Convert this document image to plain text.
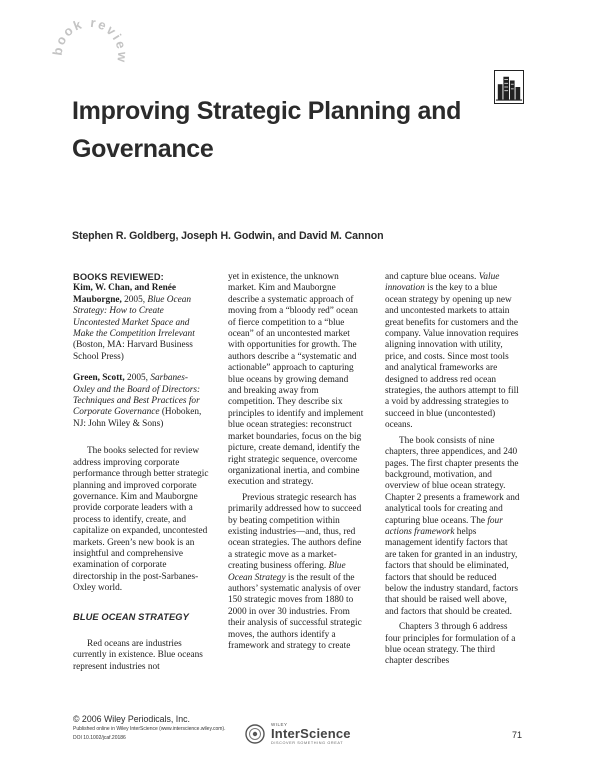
book review
Improving Strategic Planning and Governance

Stephen R. Goldberg, Joseph H. Godwin, and David M. Cannon

BOOKS REVIEWED:

Kim, W. Chan, and Renée Mauborgne, 2005, Blue Ocean Strategy: How to Create Uncontested Market Space and Make the Competition Irrelevant (Boston, MA: Harvard Business School Press)

Green, Scott, 2005, Sarbanes-Oxley and the Board of Directors: Techniques and Best Practices for Corporate Governance (Hoboken, NJ: John Wiley & Sons)

The books selected for review address improving corporate performance through better strategic planning and improved corporate governance. Kim and Mauborgne provide corporate leaders with a process to identify, create, and capitalize on expanded, uncontested markets. Green’s new book is an insightful and comprehensive examination of corporate directorship in the post-Sarbanes-Oxley world.

BLUE OCEAN STRATEGY

Red oceans are industries currently in existence. Blue oceans represent industries not

yet in existence, the unknown market. Kim and Mauborgne describe a systematic approach of moving from a “bloody red” ocean of fierce competition to a “blue ocean” of an uncontested market with opportunities for growth. The authors describe a “systematic and actionable” approach to capturing blue oceans by growing demand and breaking away from competition. They describe six principles to identify and implement blue ocean strategies: reconstruct market boundaries, focus on the big picture, create demand, identify the right strategic sequence, overcome organizational inertia, and combine execution and strategy.

Previous strategic research has primarily addressed how to succeed by beating competition within existing industries—and, thus, red ocean strategies. The authors define a strategic move as a market-creating business offering. Blue Ocean Strategy is the result of the authors’ systematic analysis of over 150 strategic moves from 1880 to 2000 in over 30 industries. From their analysis of successful strategic moves, the authors identify a framework and strategy to create

and capture blue oceans. Value innovation is the key to a blue ocean strategy by opening up new and uncontested markets to attain great benefits for customers and the company. Value innovation requires aligning innovation with utility, price, and costs. Since most tools and analytical frameworks are designed to address red ocean strategies, the authors attempt to fill a void by addressing strategies to succeed in blue (uncontested) oceans.

The book consists of nine chapters, three appendices, and 240 pages. The first chapter presents the background, motivation, and overview of blue ocean strategy. Chapter 2 presents a framework and analytical tools for creating and capturing blue oceans. The four actions framework helps management identify factors that are taken for granted in an industry, factors that should be eliminated, factors that should be reduced below the industry standard, factors that should be raised well above, and factors that should be created.

Chapters 3 through 6 address four principles for formulation of a blue ocean strategy. The third chapter describes

© 2006 Wiley Periodicals, Inc.
Published online in Wiley InterScience (www.interscience.wiley.com).
DOI 10.1002/jcaf.20186
WILEY
InterScience
DISCOVER SOMETHING GREAT
71
